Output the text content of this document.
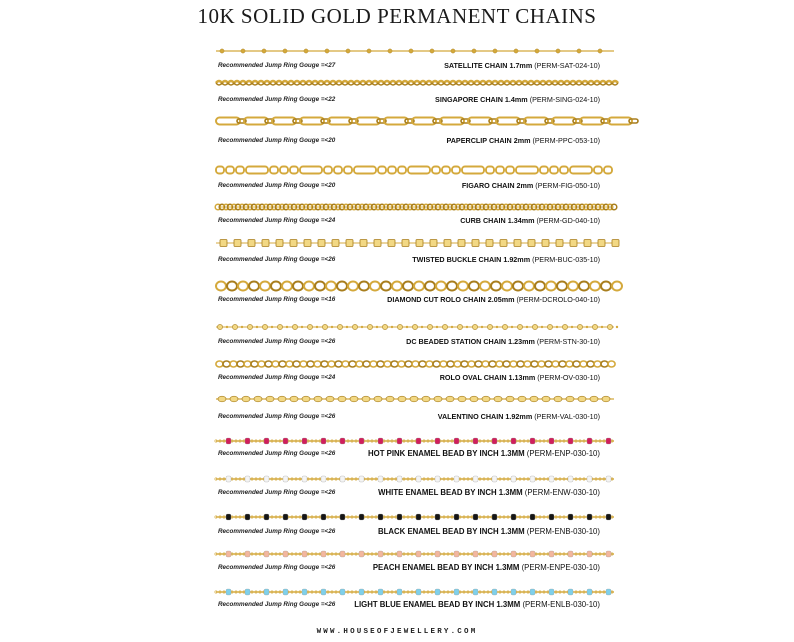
10K SOLID GOLD PERMANENT CHAINS
Recommended Jump Ring Gouge =<27	SATELLITE CHAIN 1.7mm (PERM-SAT-024-10)
Recommended Jump Ring Gouge =<22	SINGAPORE CHAIN 1.4mm (PERM-SING-024-10)
Recommended Jump Ring Gouge =<20	PAPERCLIP CHAIN 2mm (PERM-PPC-053-10)
Recommended Jump Ring Gouge =<20	FIGARO CHAIN 2mm (PERM-FIG-050-10)
Recommended Jump Ring Gouge =<24	CURB CHAIN 1.34mm (PERM-GD-040-10)
Recommended Jump Ring Gouge =<26	TWISTED BUCKLE CHAIN 1.92mm (PERM-BUC-035-10)
Recommended Jump Ring Gouge =<16	DIAMOND CUT ROLO CHAIN 2.05mm (PERM-DCROLO-040-10)
Recommended Jump Ring Gouge =<26	DC BEADED STATION CHAIN 1.23mm (PERM-STN-30-10)
Recommended Jump Ring Gouge =<24	ROLO OVAL CHAIN 1.13mm (PERM-OV-030-10)
Recommended Jump Ring Gouge =<26	VALENTINO CHAIN 1.92mm (PERM-VAL-030-10)
Recommended Jump Ring Gouge =<26	HOT PINK ENAMEL BEAD BY INCH 1.3MM (PERM-ENP-030-10)
Recommended Jump Ring Gouge =<26	WHITE ENAMEL BEAD BY INCH 1.3MM (PERM-ENW-030-10)
Recommended Jump Ring Gouge =<26	BLACK ENAMEL BEAD BY INCH 1.3MM (PERM-ENB-030-10)
Recommended Jump Ring Gouge =<26	PEACH ENAMEL BEAD BY INCH 1.3MM (PERM-ENPE-030-10)
Recommended Jump Ring Gouge =<26 LIGHT BLUE ENAMEL BEAD BY INCH 1.3MM (PERM-ENLB-030-10)
WWW.HOUSEOFJEWELLERY.COM
